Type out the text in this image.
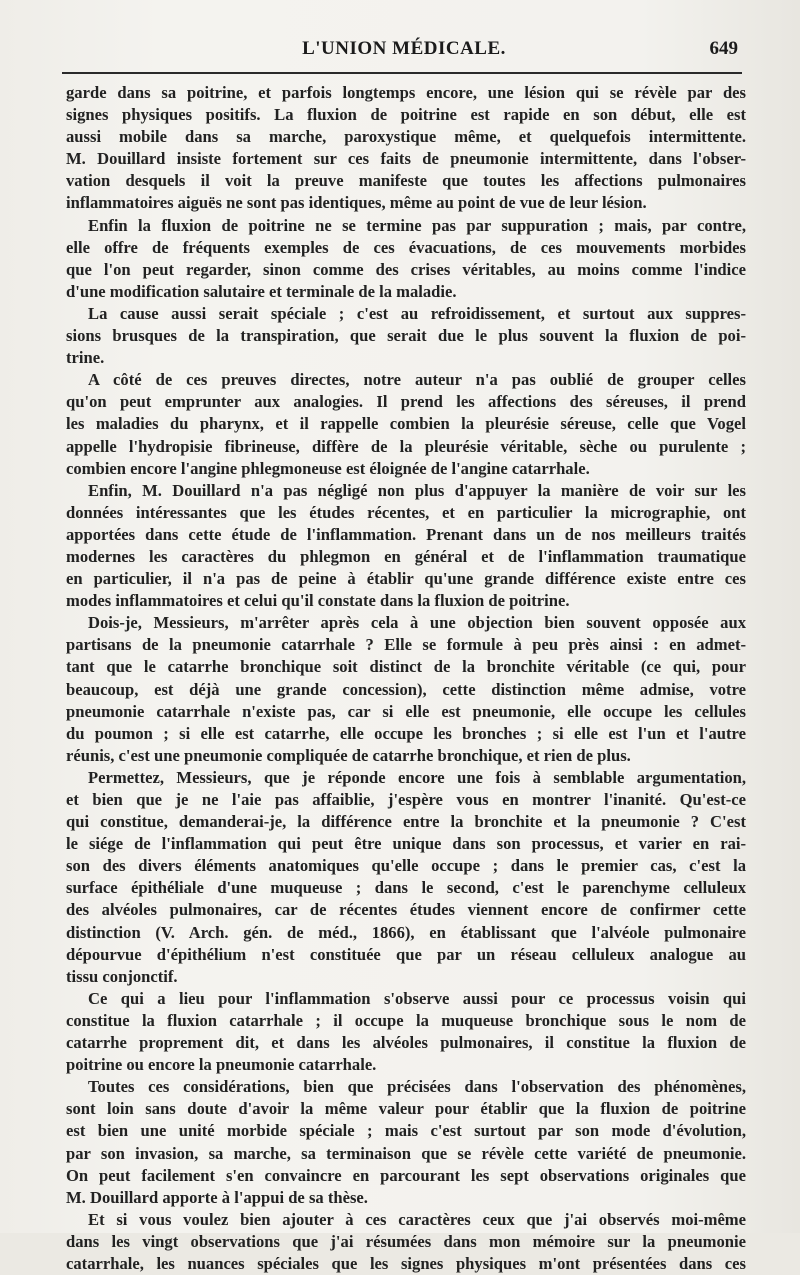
L'UNION MÉDICALE.	649

garde dans sa poitrine, et parfois longtemps encore, une lésion qui se révèle par des

signes physiques positifs. La fluxion de poitrine est rapide en son début, elle est

aussi mobile dans sa marche, paroxystique même, et quelquefois intermittente.

M. Douillard insiste fortement sur ces faits de pneumonie intermittente, dans l'obser-

vation desquels il voit la preuve manifeste que toutes les affections pulmonaires

inflammatoires aiguës ne sont pas identiques, même au point de vue de leur lésion.

Enfin la fluxion de poitrine ne se termine pas par suppuration ; mais, par contre,

elle offre de fréquents exemples de ces évacuations, de ces mouvements morbides

que l'on peut regarder, sinon comme des crises véritables, au moins comme l'indice

d'une modification salutaire et terminale de la maladie.

La cause aussi serait spéciale ; c'est au refroidissement, et surtout aux suppres-

sions brusques de la transpiration, que serait due le plus souvent la fluxion de poi-

trine.

A côté de ces preuves directes, notre auteur n'a pas oublié de grouper celles

qu'on peut emprunter aux analogies. Il prend les affections des séreuses, il prend

les maladies du pharynx, et il rappelle combien la pleurésie séreuse, celle que Vogel

appelle l'hydropisie fibrineuse, diffère de la pleurésie véritable, sèche ou purulente ;

combien encore l'angine phlegmoneuse est éloignée de l'angine catarrhale.

Enfin, M. Douillard n'a pas négligé non plus d'appuyer la manière de voir sur les

données intéressantes que les études récentes, et en particulier la micrographie, ont

apportées dans cette étude de l'inflammation. Prenant dans un de nos meilleurs traités

modernes les caractères du phlegmon en général et de l'inflammation traumatique

en particulier, il n'a pas de peine à établir qu'une grande différence existe entre ces

modes inflammatoires et celui qu'il constate dans la fluxion de poitrine.

Dois-je, Messieurs, m'arrêter après cela à une objection bien souvent opposée aux

partisans de la pneumonie catarrhale ? Elle se formule à peu près ainsi : en admet-

tant que le catarrhe bronchique soit distinct de la bronchite véritable (ce qui, pour

beaucoup, est déjà une grande concession), cette distinction même admise, votre

pneumonie catarrhale n'existe pas, car si elle est pneumonie, elle occupe les cellules

du poumon ; si elle est catarrhe, elle occupe les bronches ; si elle est l'un et l'autre

réunis, c'est une pneumonie compliquée de catarrhe bronchique, et rien de plus.

Permettez, Messieurs, que je réponde encore une fois à semblable argumentation,

et bien que je ne l'aie pas affaiblie, j'espère vous en montrer l'inanité. Qu'est-ce

qui constitue, demanderai-je, la différence entre la bronchite et la pneumonie ? C'est

le siége de l'inflammation qui peut être unique dans son processus, et varier en rai-

son des divers éléments anatomiques qu'elle occupe ; dans le premier cas, c'est la

surface épithéliale d'une muqueuse ; dans le second, c'est le parenchyme celluleux

des alvéoles pulmonaires, car de récentes études viennent encore de confirmer cette

distinction (V. Arch. gén. de méd., 1866), en établissant que l'alvéole pulmonaire

dépourvue d'épithélium n'est constituée que par un réseau celluleux analogue au

tissu conjonctif.

Ce qui a lieu pour l'inflammation s'observe aussi pour ce processus voisin qui

constitue la fluxion catarrhale ; il occupe la muqueuse bronchique sous le nom de

catarrhe proprement dit, et dans les alvéoles pulmonaires, il constitue la fluxion de

poitrine ou encore la pneumonie catarrhale.

Toutes ces considérations, bien que précisées dans l'observation des phénomènes,

sont loin sans doute d'avoir la même valeur pour établir que la fluxion de poitrine

est bien une unité morbide spéciale ; mais c'est surtout par son mode d'évolution,

par son invasion, sa marche, sa terminaison que se révèle cette variété de pneumonie.

On peut facilement s'en convaincre en parcourant les sept observations originales que

M. Douillard apporte à l'appui de sa thèse.

Et si vous voulez bien ajouter à ces caractères ceux que j'ai observés moi-même

dans les vingt observations que j'ai résumées dans mon mémoire sur la pneumonie

catarrhale, les nuances spéciales que les signes physiques m'ont présentées dans ces
